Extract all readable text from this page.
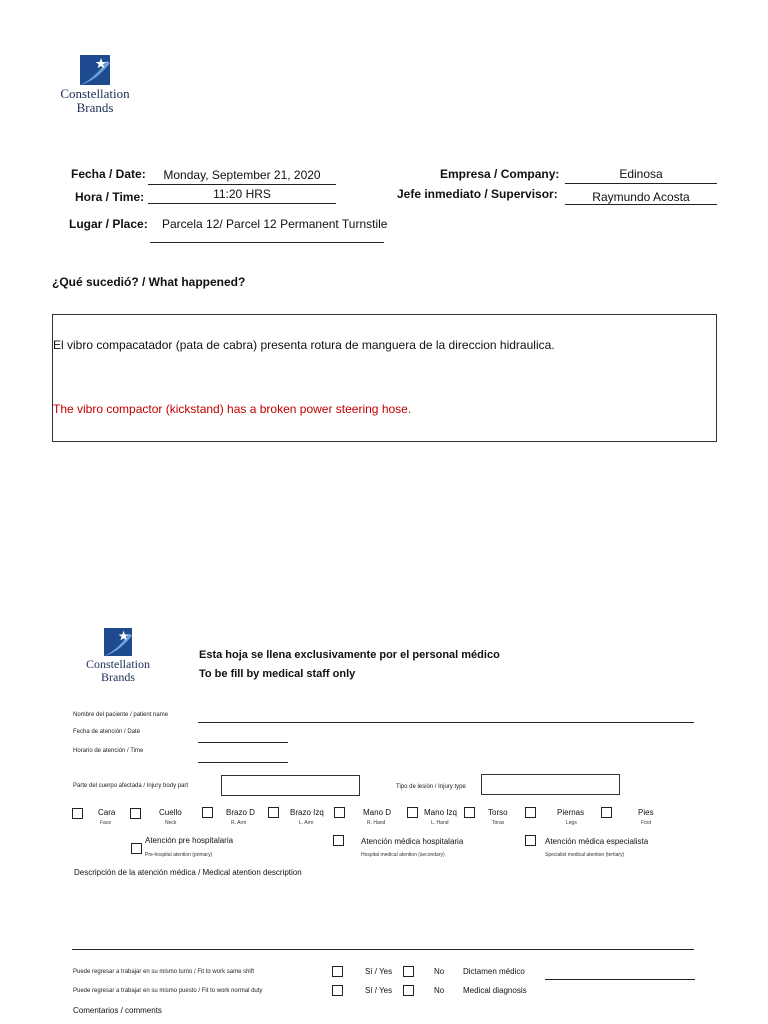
Constellation
Brands
Fecha / Date:	Monday, September 21, 2020
Hora / Time:	11:20 HRS
Lugar / Place:	Parcela 12/ Parcel 12 Permanent Turnstile
Empresa / Company:	Edinosa
Jefe inmediato / Supervisor:	Raymundo Acosta
¿Qué sucedió? / What happened?
El vibro compacatador (pata de cabra) presenta rotura de manguera de la direccion hidraulica.
The vibro compactor (kickstand) has a broken power steering hose.
Constellation
Brands
Esta hoja se llena exclusivamente por el personal médico
To be fill by medical staff only
Nombre del paciente / patient name
Fecha de atención / Date
Horario de atención / Time
Parte del cuerpo afectada / Injury body part	Tipo de lesión / Injury type
Cara
Face
Cuello
Neck
Brazo D
R. Arm
Brazo Izq
L. Arm
Mano D
R. Hand
Mano Izq
L. Hand
Torso
Torax
Piernas
Legs
Pies
Foot
Atención pre hospitalaria
Pre-hospital atention (primary)
Atención médica hospitalaria
Hospital medical atention (secondary)
Atención médica especialista
Specialist medical atention (tertiary)
Descripción de la atención médica / Medical atention description
Puede regresar a trabajar en su mismo turno / Fit to work same shift	Sí / Yes	No Dictamen médico
Puede regresar a trabajar en su mismo puesto / Fit to work normal duty	Sí / Yes	No Medical diagnosis
Comentarios / comments
